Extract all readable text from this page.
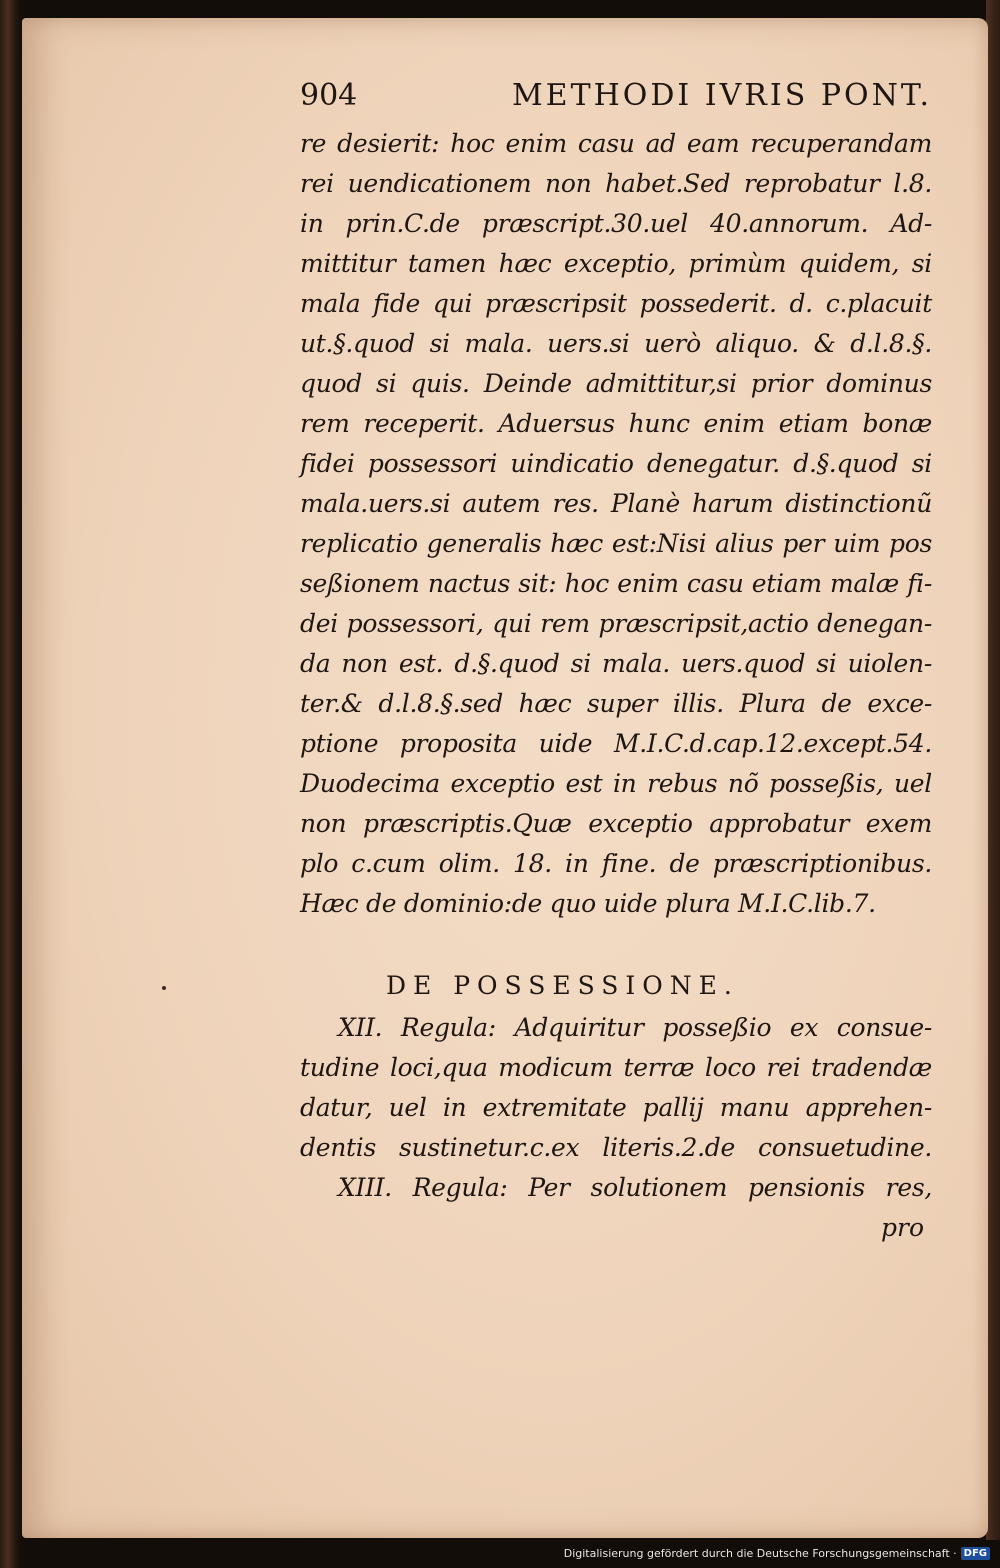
904	METHODI IVRIS PONT.
re desierit: hoc enim casu ad eam recuperandam
rei uendicationem non habet.Sed reprobatur l.8.
in prin.C.de præscript.30.uel 40.annorum. Ad-
mittitur tamen hæc exceptio, primùm quidem, si
mala fide qui præscripsit possederit. d. c.placuit
ut.§.quod si mala. uers.si uerò aliquo. & d.l.8.§.
quod si quis. Deinde admittitur,si prior dominus
rem receperit. Aduersus hunc enim etiam bonæ
fidei possessori uindicatio denegatur. d.§.quod si
mala.uers.si autem res. Planè harum distinctionũ
replicatio generalis hæc est:Nisi alius per uim pos
seßionem nactus sit: hoc enim casu etiam malæ fi-
dei possessori, qui rem præscripsit,actio denegan-
da non est. d.§.quod si mala. uers.quod si uiolen-
ter.& d.l.8.§.sed hæc super illis. Plura de exce-
ptione proposita uide M.I.C.d.cap.12.except.54.
Duodecima exceptio est in rebus nõ posseßis, uel
non præscriptis.Quæ exceptio approbatur exem
plo c.cum olim. 18. in fine. de præscriptionibus.
Hæc de dominio:de quo uide plura M.I.C.lib.7.
DE POSSESSIONE.
XII. Regula: Adquiritur posseßio ex consue-
tudine loci,qua modicum terræ loco rei tradendæ
datur, uel in extremitate pallij manu apprehen-
dentis sustinetur.c.ex literis.2.de consuetudine.
XIII. Regula: Per solutionem pensionis res,
pro
Digitalisierung gefördert durch die Deutsche Forschungsgemeinschaft · DFG
